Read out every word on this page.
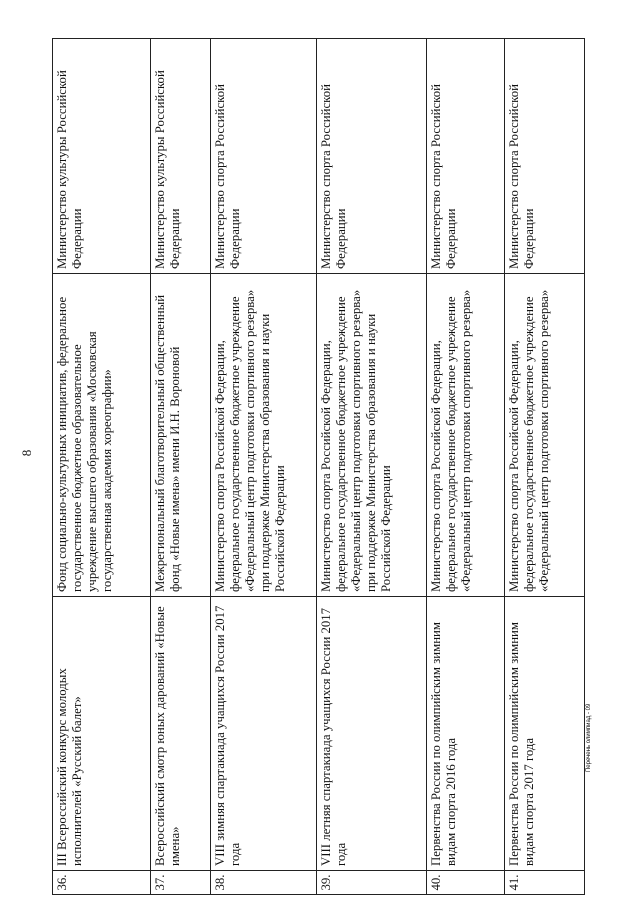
8
36.	III Всероссийский конкурс молодых исполнителей «Русский балет»	Фонд социально-культурных инициатив, федеральное государственное бюджетное образовательное учреждение высшего образования «Московская государственная академия хореографии»	Министерство культуры Российской Федерации
37.	Всероссийский смотр юных дарований «Новые имена»	Межрегиональный благотворительный общественный фонд «Новые имена» имени И.Н. Вороновой	Министерство культуры Российской Федерации
38.	VIII зимняя спартакиада учащихся России 2017 года	Министерство спорта Российской Федерации, федеральное государственное бюджетное учреждение «Федеральный центр подготовки спортивного резерва» при поддержке Министерства образования и науки Российской Федерации	Министерство спорта Российской Федерации
39.	VIII летняя спартакиада учащихся России 2017 года	Министерство спорта Российской Федерации, федеральное государственное бюджетное учреждение «Федеральный центр подготовки спортивного резерва» при поддержке Министерства образования и науки Российской Федерации	Министерство спорта Российской Федерации
40.	Первенства России по олимпийским зимним видам спорта 2016 года	Министерство спорта Российской Федерации, федеральное государственное бюджетное учреждение «Федеральный центр подготовки спортивного резерва»	Министерство спорта Российской Федерации
41.	Первенства России по олимпийским зимним видам спорта 2017 года	Министерство спорта Российской Федерации, федеральное государственное бюджетное учреждение «Федеральный центр подготовки спортивного резерва»	Министерство спорта Российской Федерации
Перечень олимпиад - 09
